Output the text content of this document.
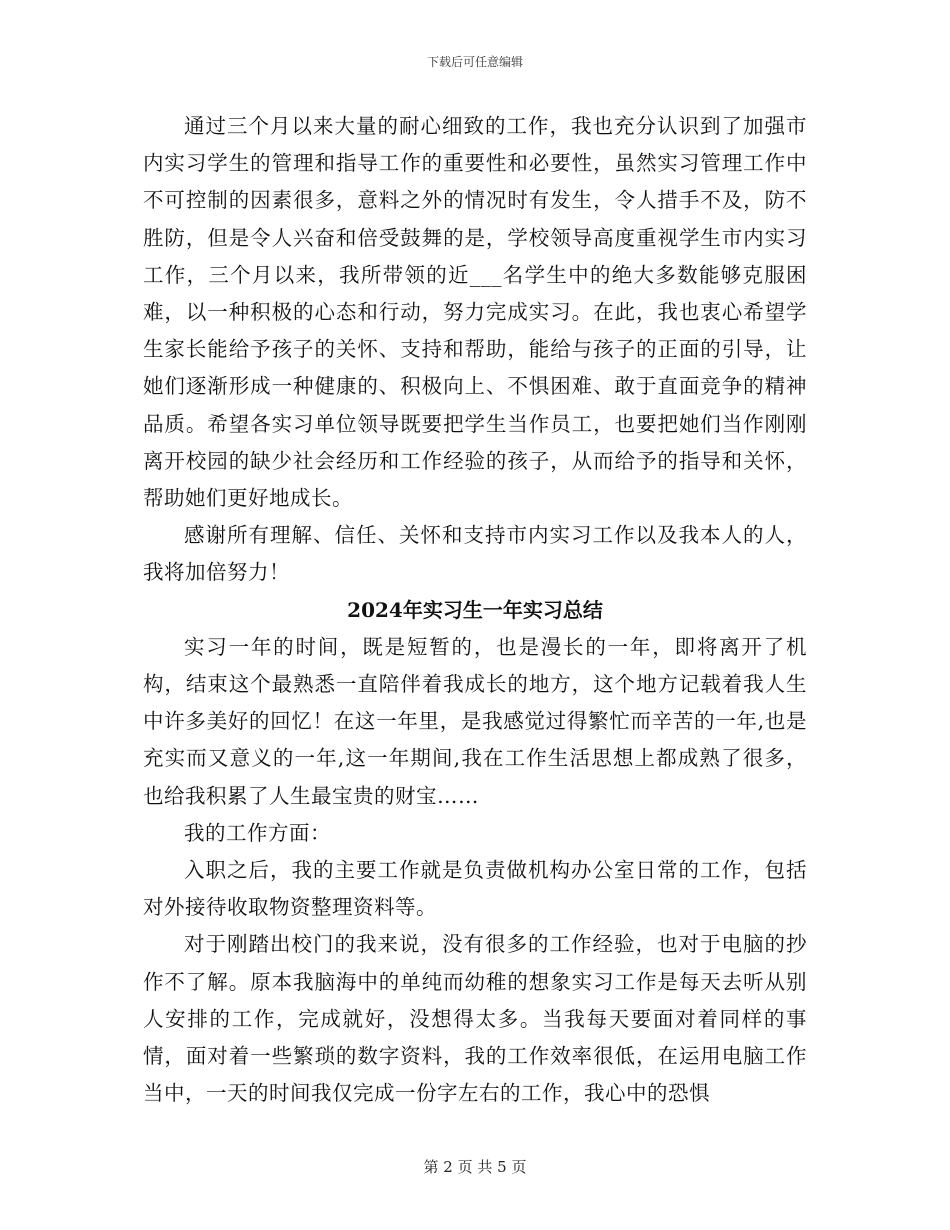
下载后可任意编辑

通过三个月以来大量的耐心细致的工作，我也充分认识到了加强市内实习学生的管理和指导工作的重要性和必要性，虽然实习管理工作中不可控制的因素很多，意料之外的情况时有发生，令人措手不及，防不胜防，但是令人兴奋和倍受鼓舞的是，学校领导高度重视学生市内实习工作，三个月以来，我所带领的近___名学生中的绝大多数能够克服困难，以一种积极的心态和行动，努力完成实习。在此，我也衷心希望学生家长能给予孩子的关怀、支持和帮助，能给与孩子的正面的引导，让她们逐渐形成一种健康的、积极向上、不惧困难、敢于直面竞争的精神品质。希望各实习单位领导既要把学生当作员工，也要把她们当作刚刚离开校园的缺少社会经历和工作经验的孩子，从而给予的指导和关怀，帮助她们更好地成长。

感谢所有理解、信任、关怀和支持市内实习工作以及我本人的人，我将加倍努力！

2024年实习生一年实习总结

实习一年的时间，既是短暂的，也是漫长的一年，即将离开了机构，结束这个最熟悉一直陪伴着我成长的地方，这个地方记载着我人生中许多美好的回忆！在这一年里，是我感觉过得繁忙而辛苦的一年,也是充实而又意义的一年,这一年期间,我在工作生活思想上都成熟了很多，也给我积累了人生最宝贵的财宝……

我的工作方面：

入职之后，我的主要工作就是负责做机构办公室日常的工作，包括对外接待收取物资整理资料等。

对于刚踏出校门的我来说，没有很多的工作经验，也对于电脑的抄作不了解。原本我脑海中的单纯而幼稚的想象实习工作是每天去听从别人安排的工作，完成就好，没想得太多。当我每天要面对着同样的事情，面对着一些繁琐的数字资料，我的工作效率很低，在运用电脑工作当中，一天的时间我仅完成一份字左右的工作，我心中的恐惧

第 2 页 共 5 页
